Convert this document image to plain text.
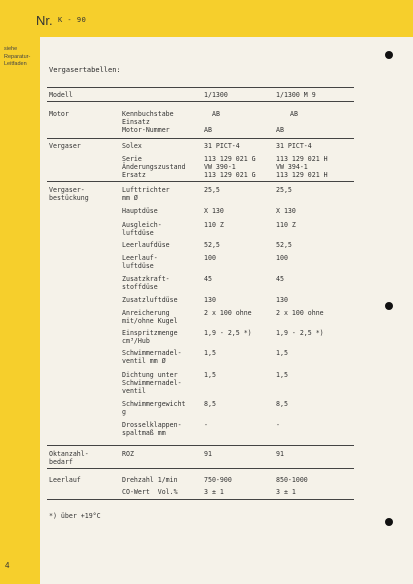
Nr. K - 90
siehe
Reparatur-
Leitfaden
4
Vergasertabellen:
Modell	1/1300	1/1300 M 9
Motor	Kennbuchstabe	AB	AB
Einsatz
Motor-Nummer	AB	AB
Vergaser	Solex	31 PICT-4	31 PICT-4
Serie	113 129 021 G	113 129 021 H
Änderungszustand	VW 390-1	VW 394-1
Ersatz	113 129 021 G	113 129 021 H
Vergaser-
bestückung
Lufttrichter
mm Ø
25,5	25,5
Hauptdüse	X 130	X 130
Ausgleich-
luftdüse
110 Z	110 Z
Leerlaufdüse	52,5	52,5
Leerlauf-
luftdüse
100	100
Zusatzkraft-
stoffdüse
45	45
Zusatzluftdüse	130	130
Anreicherung
mit/ohne Kugel
2 x 100 ohne	2 x 100 ohne
Einspritzmenge
cm³/Hub
1,9 - 2,5 *)	1,9 - 2,5 *)
Schwimmernadel-
ventil mm Ø
1,5	1,5
Dichtung unter
Schwimmernadel-
ventil
1,5	1,5
Schwimmergewicht
g
8,5	8,5
Drosselklappen-
spaltmaß mm
-	-
Oktanzahl-
bedarf
ROZ	91	91
Leerlauf	Drehzahl 1/min	750-900	850-1000
CO-Wert  Vol.%	3 ± 1	3 ± 1
*) über +19°C
